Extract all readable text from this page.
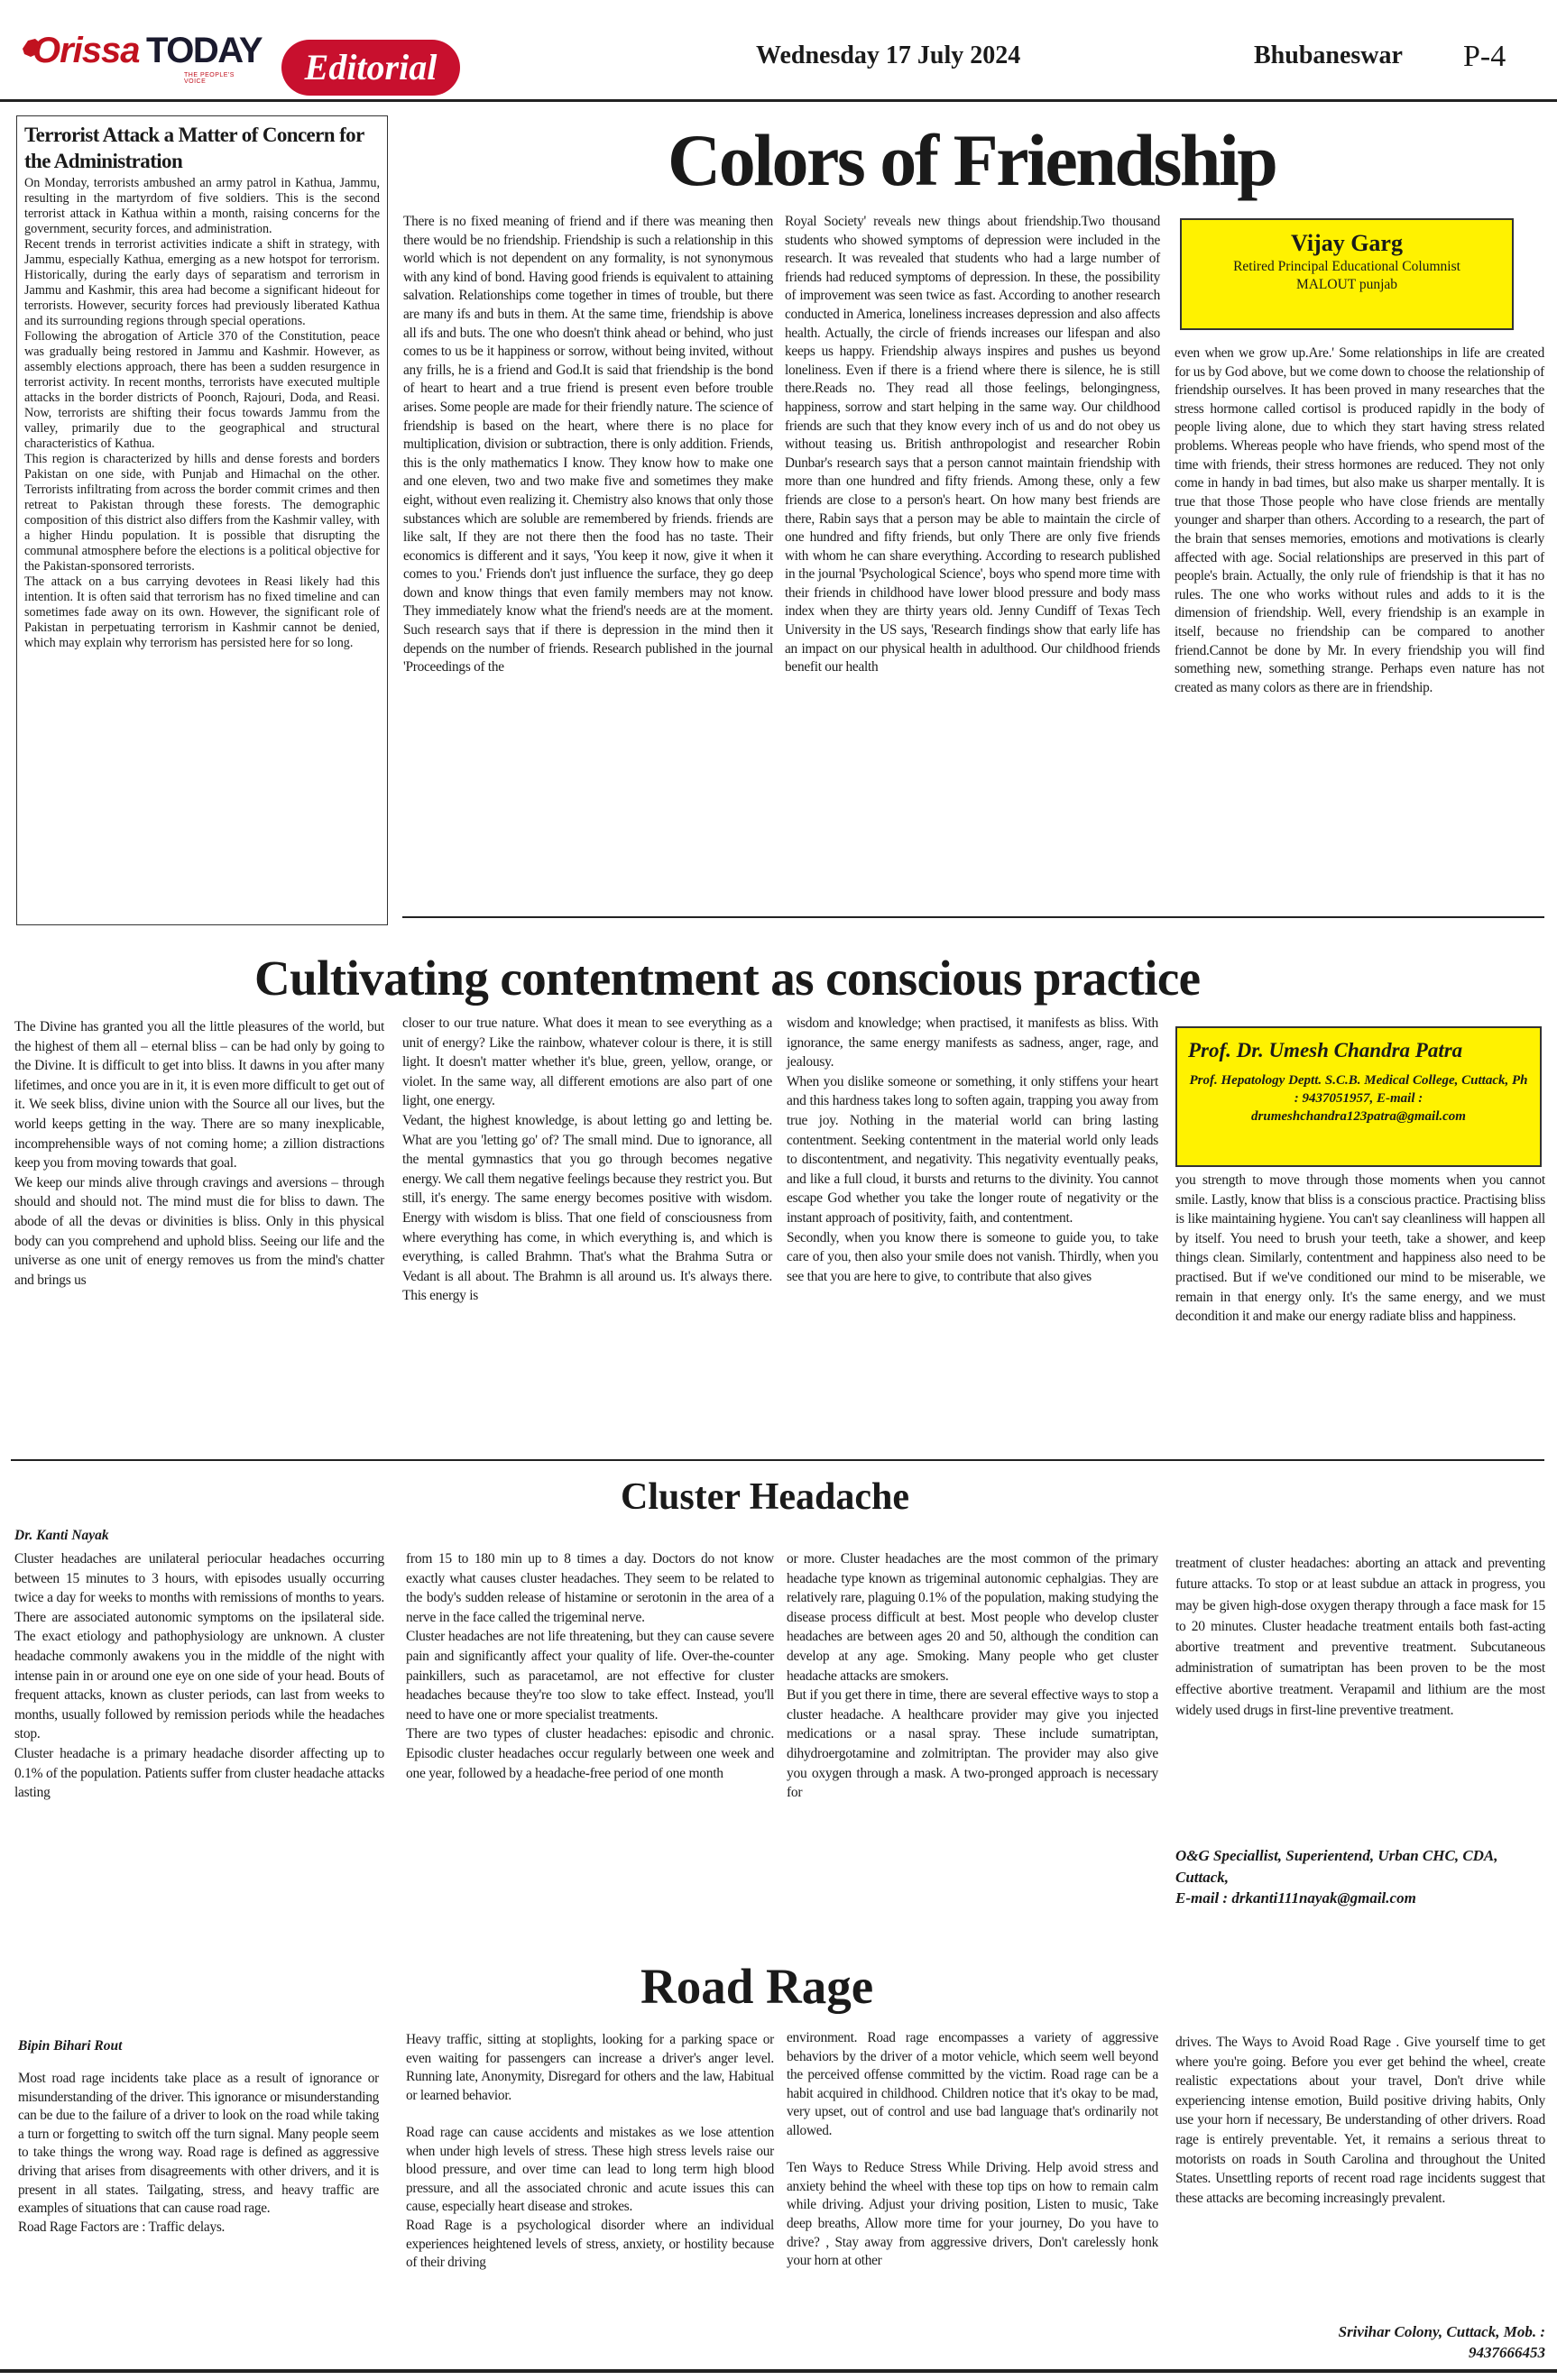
Orissa TODAY
THE PEOPLE'S VOICE	Editorial	Wednesday 17 July 2024	Bhubaneswar P-4
Terrorist Attack a Matter of Concern for the Administration

On Monday, terrorists ambushed an army patrol in Kathua, Jammu, resulting in the martyrdom of five soldiers. This is the second terrorist attack in Kathua within a month, raising concerns for the government, security forces, and administration.
Recent trends in terrorist activities indicate a shift in strategy, with Jammu, especially Kathua, emerging as a new hotspot for terrorism. Historically, during the early days of separatism and terrorism in Jammu and Kashmir, this area had become a significant hideout for terrorists. However, security forces had previously liberated Kathua and its surrounding regions through special operations.
Following the abrogation of Article 370 of the Constitution, peace was gradually being restored in Jammu and Kashmir. However, as assembly elections approach, there has been a sudden resurgence in terrorist activity. In recent months, terrorists have executed multiple attacks in the border districts of Poonch, Rajouri, Doda, and Reasi. Now, terrorists are shifting their focus towards Jammu from the valley, primarily due to the geographical and structural characteristics of Kathua.
This region is characterized by hills and dense forests and borders Pakistan on one side, with Punjab and Himachal on the other. Terrorists infiltrating from across the border commit crimes and then retreat to Pakistan through these forests. The demographic composition of this district also differs from the Kashmir valley, with a higher Hindu population. It is possible that disrupting the communal atmosphere before the elections is a political objective for the Pakistan-sponsored terrorists.
The attack on a bus carrying devotees in Reasi likely had this intention. It is often said that terrorism has no fixed timeline and can sometimes fade away on its own. However, the significant role of Pakistan in perpetuating terrorism in Kashmir cannot be denied, which may explain why terrorism has persisted here for so long.

Colors of Friendship

There is no fixed meaning of friend and if there was meaning then there would be no friendship. Friendship is such a relationship in this world which is not dependent on any formality, is not synonymous with any kind of bond. Having good friends is equivalent to attaining salvation. Relationships come together in times of trouble, but there are many ifs and buts in them. At the same time, friendship is above all ifs and buts. The one who doesn't think ahead or behind, who just comes to us be it happiness or sorrow, without being invited, without any frills, he is a friend and God.It is said that friendship is the bond of heart to heart and a true friend is present even before trouble arises. Some people are made for their friendly nature. The science of friendship is based on the heart, where there is no place for multiplication, division or subtraction, there is only addition. Friends, this is the only mathematics I know. They know how to make one and one eleven, two and two make five and sometimes they make eight, without even realizing it. Chemistry also knows that only those substances which are soluble are remembered by friends. friends are like salt, If they are not there then the food has no taste. Their economics is different and it says, 'You keep it now, give it when it comes to you.' Friends don't just influence the surface, they go deep down and know things that even family members may not know. They immediately know what the friend's needs are at the moment. Such research says that if there is depression in the mind then it depends on the number of friends. Research published in the journal 'Proceedings of the

Royal Society' reveals new things about friendship.Two thousand students who showed symptoms of depression were included in the research. It was revealed that students who had a large number of friends had reduced symptoms of depression. In these, the possibility of improvement was seen twice as fast. According to another research conducted in America, loneliness increases depression and also affects health. Actually, the circle of friends increases our lifespan and also keeps us happy. Friendship always inspires and pushes us beyond loneliness. Even if there is a friend where there is silence, he is still there.Reads no. They read all those feelings, belongingness, happiness, sorrow and start helping in the same way. Our childhood friends are such that they know every inch of us and do not obey us without teasing us. British anthropologist and researcher Robin Dunbar's research says that a person cannot maintain friendship with more than one hundred and fifty friends. Among these, only a few friends are close to a person's heart. On how many best friends are there, Rabin says that a person may be able to maintain the circle of one hundred and fifty friends, but only There are only five friends with whom he can share everything. According to research published in the journal 'Psychological Science', boys who spend more time with their friends in childhood have lower blood pressure and body mass index when they are thirty years old. Jenny Cundiff of Texas Tech University in the US says, 'Research findings show that early life has an impact on our physical health in adulthood. Our childhood friends benefit our health

Vijay Garg
Retired Principal Educational Columnist
MALOUT punjab

even when we grow up.Are.' Some relationships in life are created for us by God above, but we come down to choose the relationship of friendship ourselves. It has been proved in many researches that the stress hormone called cortisol is produced rapidly in the body of people living alone, due to which they start having stress related problems. Whereas people who have friends, who spend most of the time with friends, their stress hormones are reduced. They not only come in handy in bad times, but also make us sharper mentally. It is true that those Those people who have close friends are mentally younger and sharper than others. According to a research, the part of the brain that senses memories, emotions and motivations is clearly affected with age. Social relationships are preserved in this part of people's brain. Actually, the only rule of friendship is that it has no rules. The one who works without rules and adds to it is the dimension of friendship. Well, every friendship is an example in itself, because no friendship can be compared to another friend.Cannot be done by Mr. In every friendship you will find something new, something strange. Perhaps even nature has not created as many colors as there are in friendship.

Cultivating contentment as conscious practice

The Divine has granted you all the little pleasures of the world, but the highest of them all – eternal bliss – can be had only by going to the Divine. It is difficult to get into bliss. It dawns in you after many lifetimes, and once you are in it, it is even more difficult to get out of it. We seek bliss, divine union with the Source all our lives, but the world keeps getting in the way. There are so many inexplicable, incomprehensible ways of not coming home; a zillion distractions keep you from moving towards that goal.
We keep our minds alive through cravings and aversions – through should and should not. The mind must die for bliss to dawn. The abode of all the devas or divinities is bliss. Only in this physical body can you comprehend and uphold bliss. Seeing our life and the universe as one unit of energy removes us from the mind's chatter and brings us

closer to our true nature. What does it mean to see everything as a unit of energy? Like the rainbow, whatever colour is there, it is still light. It doesn't matter whether it's blue, green, yellow, orange, or violet. In the same way, all different emotions are also part of one light, one energy.
Vedant, the highest knowledge, is about letting go and letting be. What are you 'letting go' of? The small mind. Due to ignorance, all the mental gymnastics that you go through becomes negative energy. We call them negative feelings because they restrict you. But still, it's energy. The same energy becomes positive with wisdom. Energy with wisdom is bliss. That one field of consciousness from where everything has come, in which everything is, and which is everything, is called Brahmn. That's what the Brahma Sutra or Vedant is all about. The Brahmn is all around us. It's always there. This energy is

wisdom and knowledge; when practised, it manifests as bliss. With ignorance, the same energy manifests as sadness, anger, rage, and jealousy.
When you dislike someone or something, it only stiffens your heart and this hardness takes long to soften again, trapping you away from true joy. Nothing in the material world can bring lasting contentment. Seeking contentment in the material world only leads to discontentment, and negativity. This negativity eventually peaks, and like a full cloud, it bursts and returns to the divinity. You cannot escape God whether you take the longer route of negativity or the instant approach of positivity, faith, and contentment.
Secondly, when you know there is someone to guide you, to take care of you, then also your smile does not vanish. Thirdly, when you see that you are here to give, to contribute that also gives

Prof. Dr. Umesh Chandra Patra
Prof. Hepatology Deptt. S.C.B. Medical College, Cuttack, Ph : 9437051957, E-mail :
drumeshchandra123patra@gmail.com

you strength to move through those moments when you cannot smile. Lastly, know that bliss is a conscious practice. Practising bliss is like maintaining hygiene. You can't say cleanliness will happen all by itself. You need to brush your teeth, take a shower, and keep things clean. Similarly, contentment and happiness also need to be practised. But if we've conditioned our mind to be miserable, we remain in that energy only. It's the same energy, and we must decondition it and make our energy radiate bliss and happiness.

Cluster Headache
Dr. Kanti Nayak

Cluster headaches are unilateral periocular headaches occurring between 15 minutes to 3 hours, with episodes usually occurring twice a day for weeks to months with remissions of months to years. There are associated autonomic symptoms on the ipsilateral side. The exact etiology and pathophysiology are unknown. A cluster headache commonly awakens you in the middle of the night with intense pain in or around one eye on one side of your head. Bouts of frequent attacks, known as cluster periods, can last from weeks to months, usually followed by remission periods while the headaches stop.
Cluster headache is a primary headache disorder affecting up to 0.1% of the population. Patients suffer from cluster headache attacks lasting

from 15 to 180 min up to 8 times a day. Doctors do not know exactly what causes cluster headaches. They seem to be related to the body's sudden release of histamine or serotonin in the area of a nerve in the face called the trigeminal nerve.
Cluster headaches are not life threatening, but they can cause severe pain and significantly affect your quality of life. Over-the-counter painkillers, such as paracetamol, are not effective for cluster headaches because they're too slow to take effect. Instead, you'll need to have one or more specialist treatments.
There are two types of cluster headaches: episodic and chronic. Episodic cluster headaches occur regularly between one week and one year, followed by a headache-free period of one month

or more. Cluster headaches are the most common of the primary headache type known as trigeminal autonomic cephalgias. They are relatively rare, plaguing 0.1% of the population, making studying the disease process difficult at best. Most people who develop cluster headaches are between ages 20 and 50, although the condition can develop at any age. Smoking. Many people who get cluster headache attacks are smokers.
But if you get there in time, there are several effective ways to stop a cluster headache. A healthcare provider may give you injected medications or a nasal spray. These include sumatriptan, dihydroergotamine and zolmitriptan. The provider may also give you oxygen through a mask. A two-pronged approach is necessary for

treatment of cluster headaches: aborting an attack and preventing future attacks. To stop or at least subdue an attack in progress, you may be given high-dose oxygen therapy through a face mask for 15 to 20 minutes. Cluster headache treatment entails both fast-acting abortive treatment and preventive treatment. Subcutaneous administration of sumatriptan has been proven to be the most effective abortive treatment. Verapamil and lithium are the most widely used drugs in first-line preventive treatment.

O&G Speciallist, Superientend, Urban CHC, CDA, Cuttack,
E-mail : drkanti111nayak@gmail.com

Road Rage
Bipin Bihari Rout

Most road rage incidents take place as a result of ignorance or misunderstanding of the driver. This ignorance or misunderstanding can be due to the failure of a driver to look on the road while taking a turn or forgetting to switch off the turn signal. Many people seem to take things the wrong way. Road rage is defined as aggressive driving that arises from disagreements with other drivers, and it is present in all states. Tailgating, stress, and heavy traffic are examples of situations that can cause road rage.
Road Rage Factors are : Traffic delays.

Heavy traffic, sitting at stoplights, looking for a parking space or even waiting for passengers can increase a driver's anger level. Running late, Anonymity, Disregard for others and the law, Habitual or learned behavior.

Road rage can cause accidents and mistakes as we lose attention when under high levels of stress. These high stress levels raise our blood pressure, and over time can lead to long term high blood pressure, and all the associated chronic and acute issues this can cause, especially heart disease and strokes.
Road Rage is a psychological disorder where an individual experiences heightened levels of stress, anxiety, or hostility because of their driving

environment. Road rage encompasses a variety of aggressive behaviors by the driver of a motor vehicle, which seem well beyond the perceived offense committed by the victim. Road rage can be a habit acquired in childhood. Children notice that it's okay to be mad, very upset, out of control and use bad language that's ordinarily not allowed.

Ten Ways to Reduce Stress While Driving. Help avoid stress and anxiety behind the wheel with these top tips on how to remain calm while driving. Adjust your driving position, Listen to music, Take deep breaths, Allow more time for your journey, Do you have to drive? , Stay away from aggressive drivers, Don't carelessly honk your horn at other

drives. The Ways to Avoid Road Rage . Give yourself time to get where you're going. Before you ever get behind the wheel, create realistic expectations about your travel, Don't drive while experiencing intense emotion, Build positive driving habits, Only use your horn if necessary, Be understanding of other drivers. Road rage is entirely preventable. Yet, it remains a serious threat to motorists on roads in South Carolina and throughout the United States. Unsettling reports of recent road rage incidents suggest that these attacks are becoming increasingly prevalent.

Srivihar Colony, Cuttack, Mob. :
9437666453
